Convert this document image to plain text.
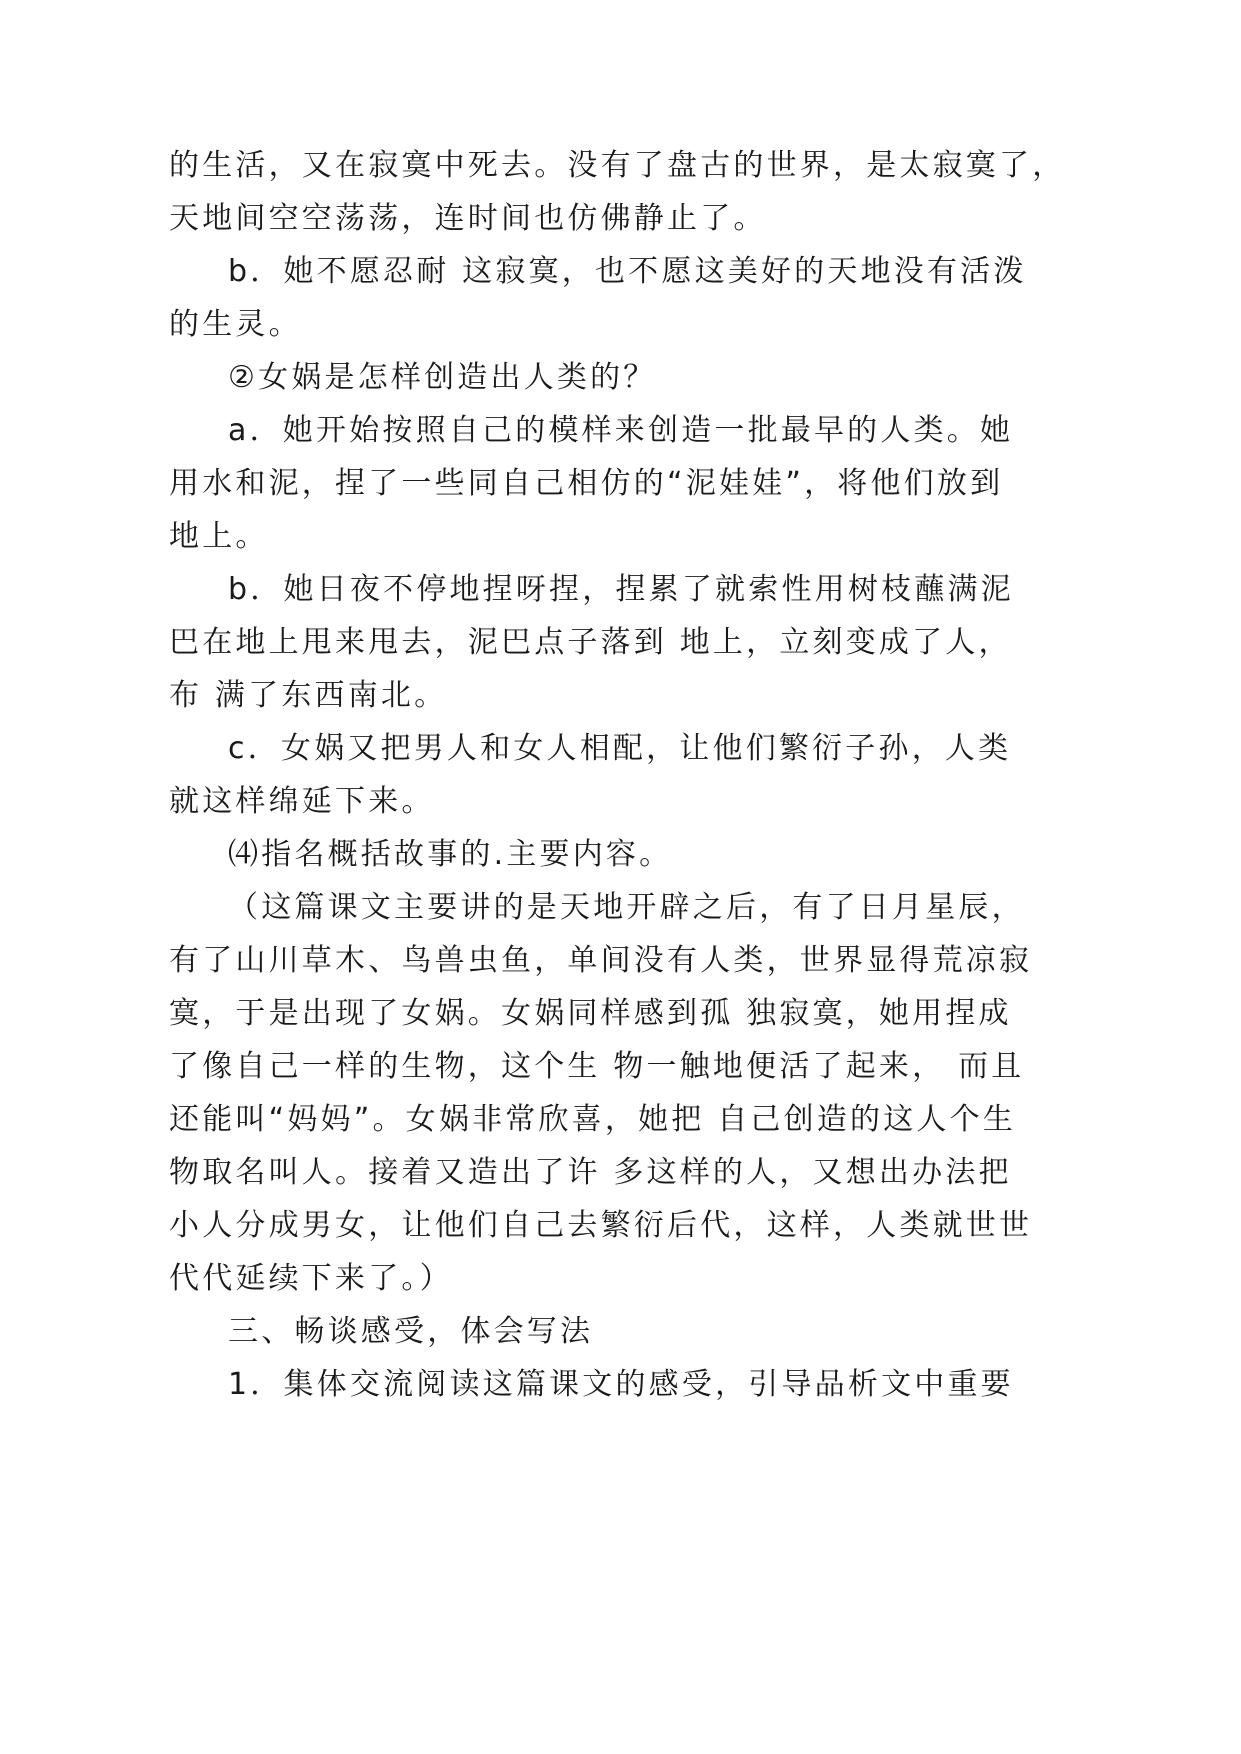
的生活，又在寂寞中死去。没有了盘古的世界，是太寂寞了，

天地间空空荡荡，连时间也仿佛静止了。

b．她不愿忍耐 这寂寞，也不愿这美好的天地没有活泼

的生灵。

②女娲是怎样创造出人类的？

a．她开始按照自己的模样来创造一批最早的人类。她

用水和泥，捏了一些同自己相仿的“泥娃娃”，将他们放到

地上。

b．她日夜不停地捏呀捏，捏累了就索性用树枝蘸满泥

巴在地上甩来甩去，泥巴点子落到 地上，立刻变成了人，

布 满了东西南北。

c．女娲又把男人和女人相配，让他们繁衍子孙，人类

就这样绵延下来。

⑷指名概括故事的.主要内容。

（这篇课文主要讲的是天地开辟之后，有了日月星辰，

有了山川草木、鸟兽虫鱼，单间没有人类，世界显得荒凉寂

寞，于是出现了女娲。女娲同样感到孤 独寂寞，她用捏成

了像自己一样的生物，这个生 物一触地便活了起来， 而且

还能叫“妈妈”。女娲非常欣喜，她把 自己创造的这人个生

物取名叫人。接着又造出了许 多这样的人，又想出办法把

小人分成男女，让他们自己去繁衍后代，这样，人类就世世

代代延续下来了。）

三、畅谈感受，体会写法

1．集体交流阅读这篇课文的感受，引导品析文中重要
